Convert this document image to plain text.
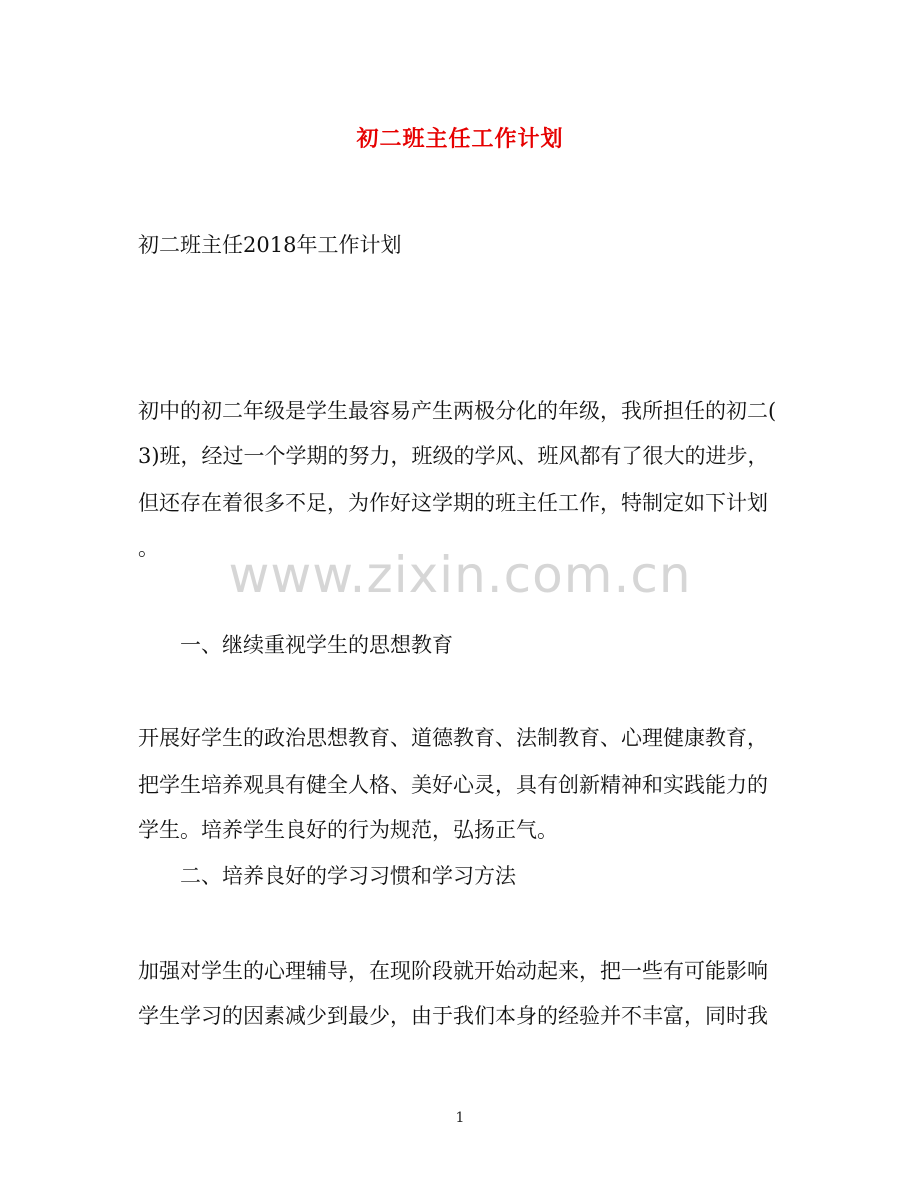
初二班主任工作计划
初二班主任2018年工作计划
初中的初二年级是学生最容易产生两极分化的年级，我所担任的初二(
3)班，经过一个学期的努力，班级的学风、班风都有了很大的进步，
但还存在着很多不足，为作好这学期的班主任工作，特制定如下计划
。	www.zixin.com.cn
一、继续重视学生的思想教育
开展好学生的政治思想教育、道德教育、法制教育、心理健康教育，
把学生培养观具有健全人格、美好心灵，具有创新精神和实践能力的
学生。培养学生良好的行为规范，弘扬正气。
二、培养良好的学习习惯和学习方法
加强对学生的心理辅导，在现阶段就开始动起来，把一些有可能影响
学生学习的因素减少到最少，由于我们本身的经验并不丰富，同时我
1
